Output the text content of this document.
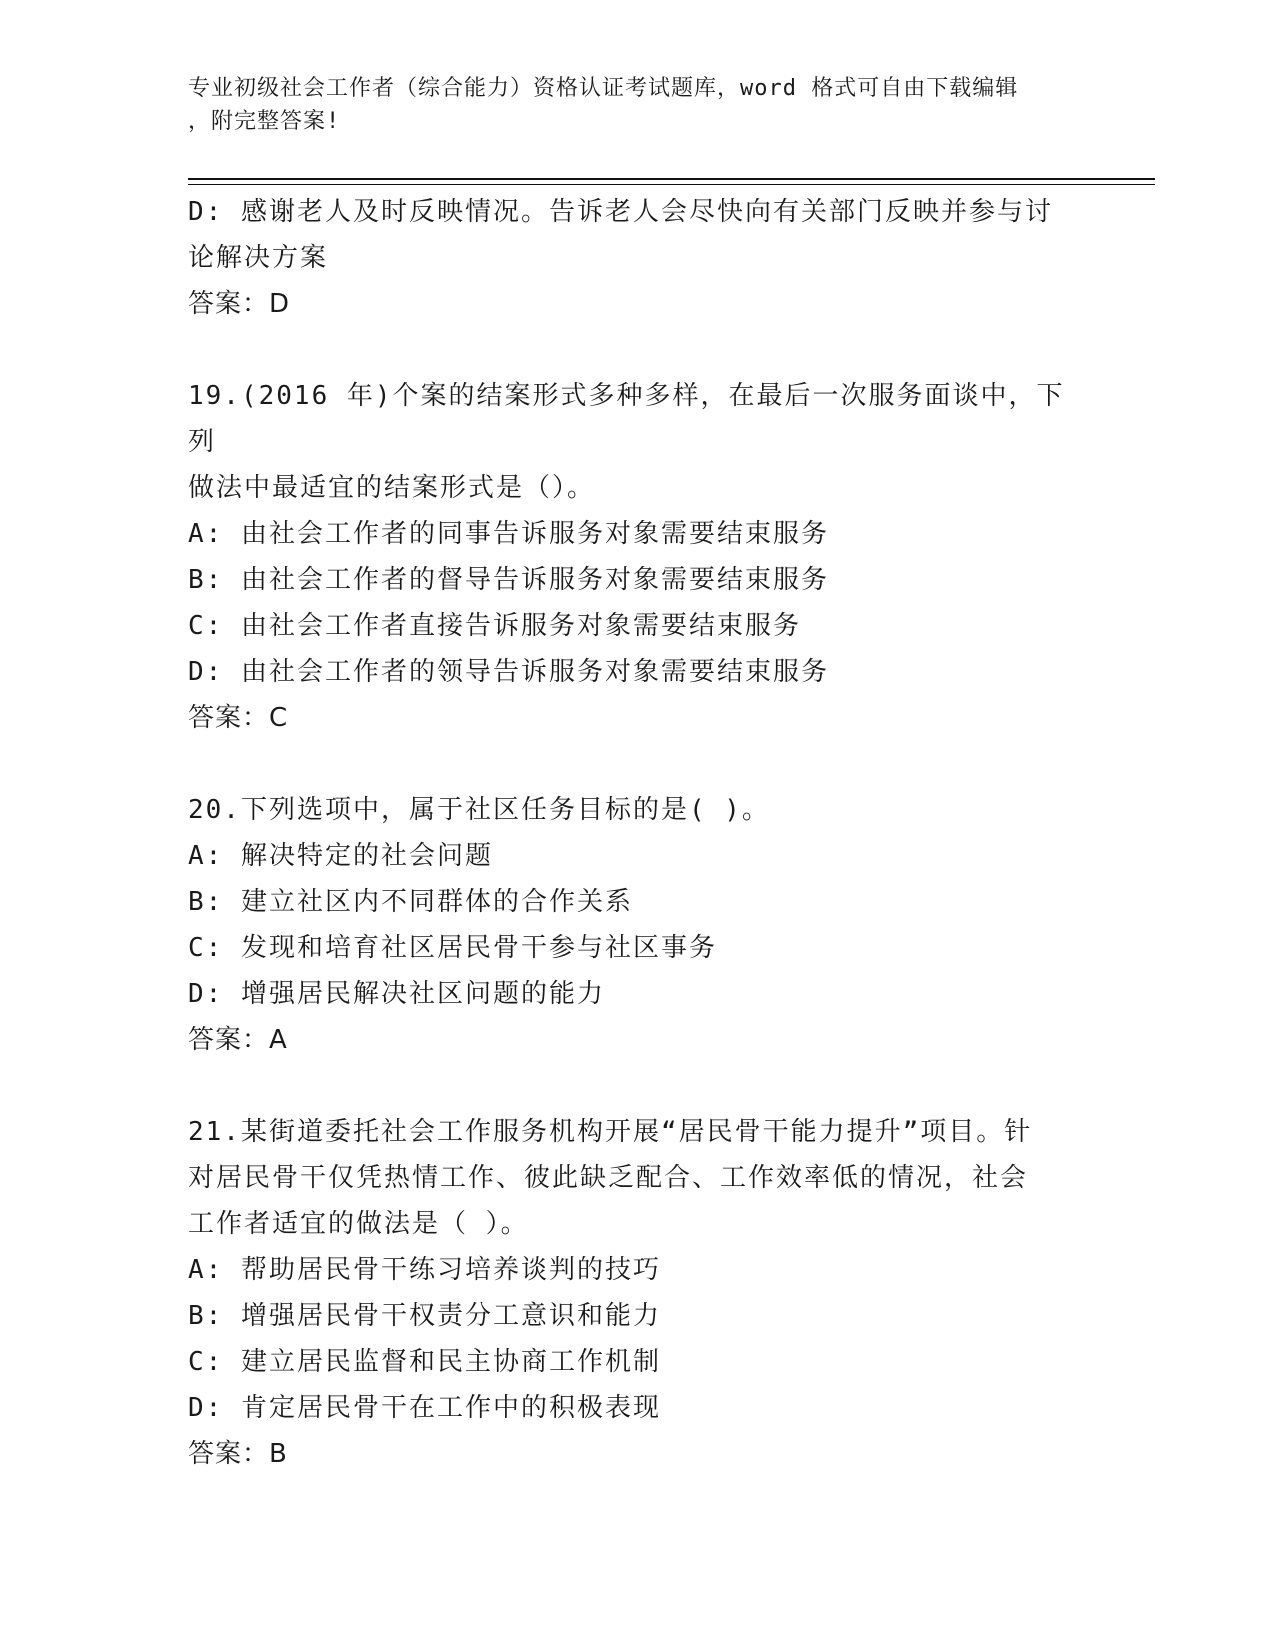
专业初级社会工作者（综合能力）资格认证考试题库，word 格式可自由下载编辑
，附完整答案!
D: 感谢老人及时反映情况。告诉老人会尽快向有关部门反映并参与讨
论解决方案
答案：D
19.(2016 年)个案的结案形式多种多样，在最后一次服务面谈中，下列
做法中最适宜的结案形式是（）。
A: 由社会工作者的同事告诉服务对象需要结束服务
B: 由社会工作者的督导告诉服务对象需要结束服务
C: 由社会工作者直接告诉服务对象需要结束服务
D: 由社会工作者的领导告诉服务对象需要结束服务
答案：C
20.下列选项中，属于社区任务目标的是( )。
A: 解决特定的社会问题
B: 建立社区内不同群体的合作关系
C: 发现和培育社区居民骨干参与社区事务
D: 增强居民解决社区问题的能力
答案：A
21.某街道委托社会工作服务机构开展“居民骨干能力提升”项目。针
对居民骨干仅凭热情工作、彼此缺乏配合、工作效率低的情况，社会
工作者适宜的做法是（ ）。
A: 帮助居民骨干练习培养谈判的技巧
B: 增强居民骨干权责分工意识和能力
C: 建立居民监督和民主协商工作机制
D: 肯定居民骨干在工作中的积极表现
答案：B
